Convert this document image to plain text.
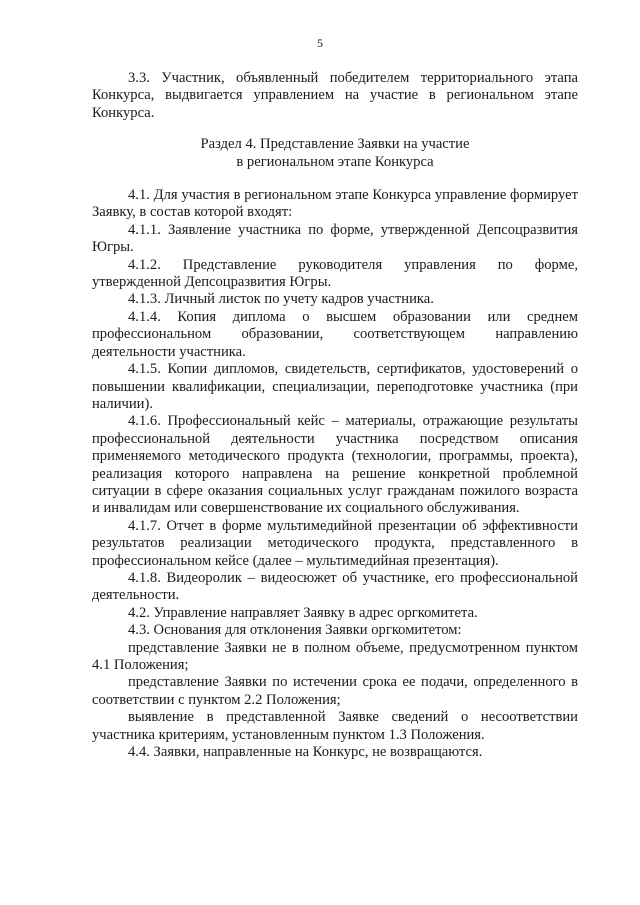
5

3.3. Участник, объявленный победителем территориального этапа Конкурса, выдвигается управлением на участие в региональном этапе Конкурса.

Раздел 4. Представление Заявки на участие
в региональном этапе Конкурса

4.1. Для участия в региональном этапе Конкурса управление формирует Заявку, в состав которой входят:

4.1.1. Заявление участника по форме, утвержденной Депсоцразвития Югры.

4.1.2. Представление руководителя управления по форме, утвержденной Депсоцразвития Югры.

4.1.3. Личный листок по учету кадров участника.

4.1.4. Копия диплома о высшем образовании или среднем профессиональном образовании, соответствующем направлению деятельности участника.

4.1.5. Копии дипломов, свидетельств, сертификатов, удостоверений о повышении квалификации, специализации, переподготовке участника (при наличии).

4.1.6. Профессиональный кейс – материалы, отражающие результаты профессиональной деятельности участника посредством описания применяемого методического продукта (технологии, программы, проекта), реализация которого направлена на решение конкретной проблемной ситуации в сфере оказания социальных услуг гражданам пожилого возраста и инвалидам или совершенствование их социального обслуживания.

4.1.7. Отчет в форме мультимедийной презентации об эффективности результатов реализации методического продукта, представленного в профессиональном кейсе (далее – мультимедийная презентация).

4.1.8. Видеоролик – видеосюжет об участнике, его профессиональной деятельности.

4.2. Управление направляет Заявку в адрес оргкомитета.

4.3. Основания для отклонения Заявки оргкомитетом:

представление Заявки не в полном объеме, предусмотренном пунктом 4.1 Положения;

представление Заявки по истечении срока ее подачи, определенного в соответствии с пунктом 2.2 Положения;

выявление в представленной Заявке сведений о несоответствии участника критериям, установленным пунктом 1.3 Положения.

4.4. Заявки, направленные на Конкурс, не возвращаются.
